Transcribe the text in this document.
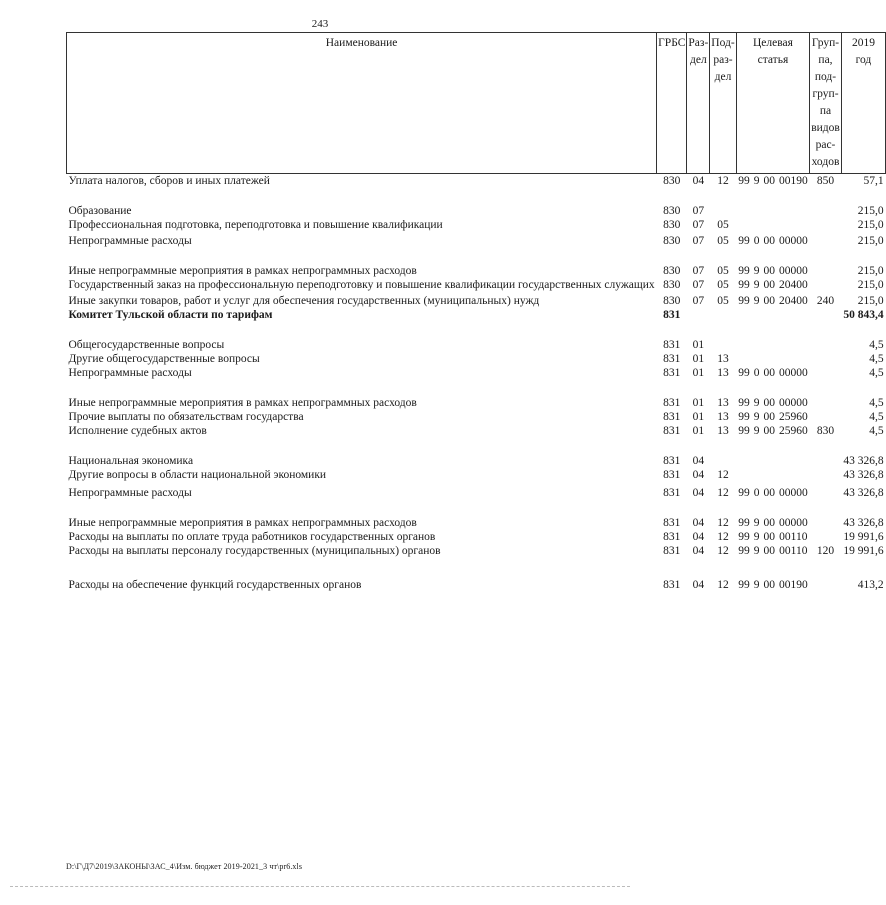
243
Наименование	ГРБС	Раз-дел	Под-раз-дел	Целевая статья				Груп-па, под-груп-па видов рас-ходов	2019 год
Уплата налогов, сборов и иных платежей	830	04	12	99	9	00	00190	850	57,1

Образование	830	07							215,0
Профессиональная подготовка, переподготовка и повышение квалификации	830	07	05						215,0

Непрограммные расходы	830	07	05	99	0	00	00000		215,0

Иные непрограммные мероприятия в рамках непрограммных расходов	830	07	05	99	9	00	00000		215,0
Государственный заказ на профессиональную переподготовку и повышение квалификации государственных служащих	830	07	05	99	9	00	20400		215,0

Иные закупки товаров, работ и услуг для обеспечения государственных (муниципальных) нужд	830	07	05	99	9	00	20400	240	215,0
Комитет Тульской области по тарифам	831								50 843,4

Общегосударственные вопросы	831	01							4,5
Другие общегосударственные вопросы	831	01	13						4,5
Непрограммные расходы	831	01	13	99	0	00	00000		4,5

Иные непрограммные мероприятия в рамках непрограммных расходов	831	01	13	99	9	00	00000		4,5
Прочие выплаты по обязательствам государства	831	01	13	99	9	00	25960		4,5
Исполнение судебных актов	831	01	13	99	9	00	25960	830	4,5

Национальная экономика	831	04							43 326,8
Другие вопросы в области национальной экономики	831	04	12						43 326,8

Непрограммные расходы	831	04	12	99	0	00	00000		43 326,8

Иные непрограммные мероприятия в рамках непрограммных расходов	831	04	12	99	9	00	00000		43 326,8
Расходы на выплаты по оплате труда работников государственных органов	831	04	12	99	9	00	00110		19 991,6
Расходы на выплаты персоналу государственных (муниципальных) органов	831	04	12	99	9	00	00110	120	19 991,6

Расходы на обеспечение функций государственных органов	831	04	12	99	9	00	00190		413,2
D:\Г\Д7\2019\ЗАКОНЫ\ЗАС_4\Изм. бюджет 2019-2021_3 чт\pr6.xls
